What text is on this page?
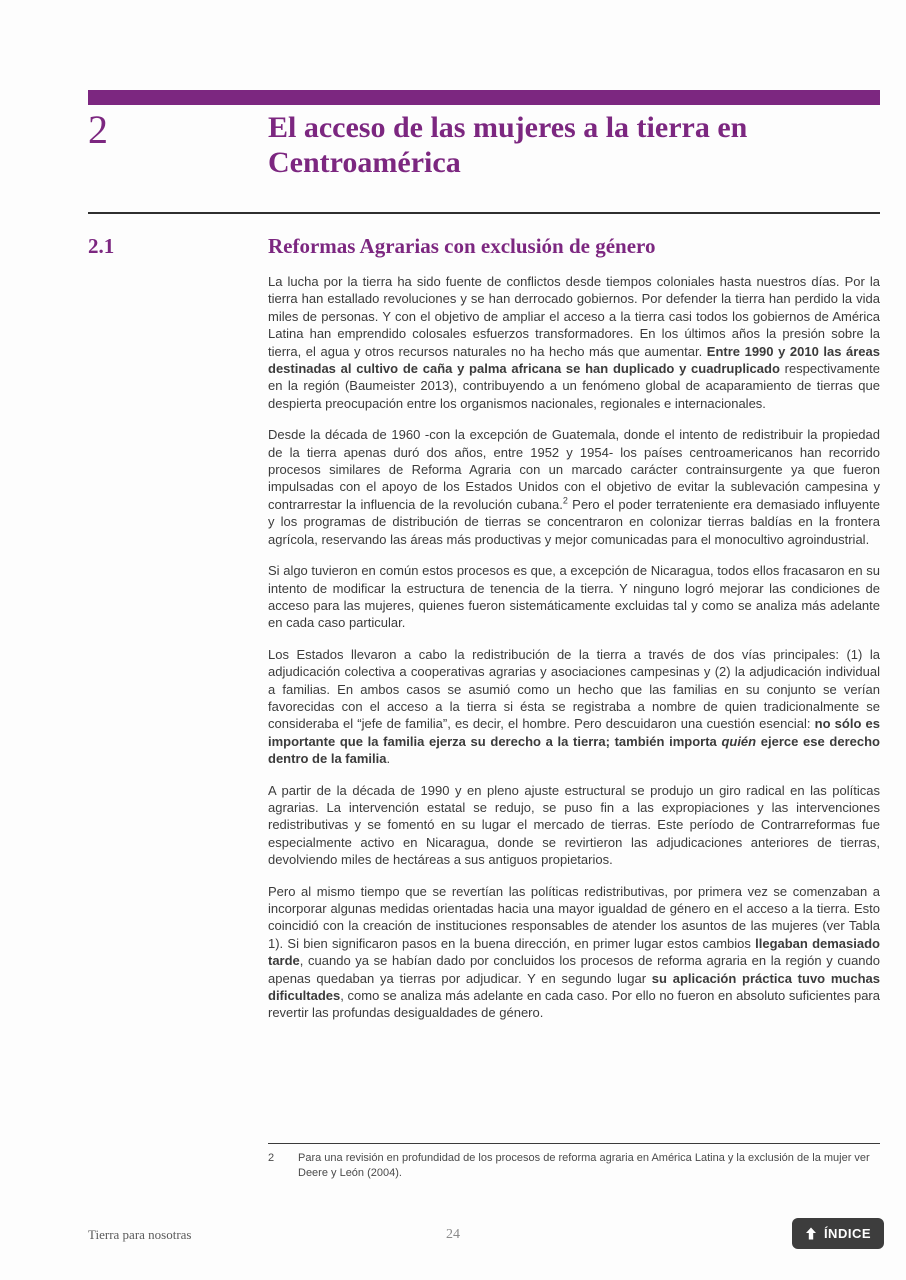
2	El acceso de las mujeres a la tierra en Centroamérica
2.1	Reformas Agrarias con exclusión de género

La lucha por la tierra ha sido fuente de conflictos desde tiempos coloniales hasta nuestros días. Por la tierra han estallado revoluciones y se han derrocado gobiernos. Por defender la tierra han perdido la vida miles de personas. Y con el objetivo de ampliar el acceso a la tierra casi todos los gobiernos de América Latina han emprendido colosales esfuerzos transformadores. En los últimos años la presión sobre la tierra, el agua y otros recursos naturales no ha hecho más que aumentar. Entre 1990 y 2010 las áreas destinadas al cultivo de caña y palma africana se han duplicado y cuadruplicado respectivamente en la región (Baumeister 2013), contribuyendo a un fenómeno global de acaparamiento de tierras que despierta preocupación entre los organismos nacionales, regionales e internacionales.

Desde la década de 1960 -con la excepción de Guatemala, donde el intento de redistribuir la propiedad de la tierra apenas duró dos años, entre 1952 y 1954- los países centroamericanos han recorrido procesos similares de Reforma Agraria con un marcado carácter contrainsurgente ya que fueron impulsadas con el apoyo de los Estados Unidos con el objetivo de evitar la sublevación campesina y contrarrestar la influencia de la revolución cubana.$^2$ Pero el poder terrateniente era demasiado influyente y los programas de distribución de tierras se concentraron en colonizar tierras baldías en la frontera agrícola, reservando las áreas más productivas y mejor comunicadas para el monocultivo agroindustrial.

Si algo tuvieron en común estos procesos es que, a excepción de Nicaragua, todos ellos fracasaron en su intento de modificar la estructura de tenencia de la tierra. Y ninguno logró mejorar las condiciones de acceso para las mujeres, quienes fueron sistemáticamente excluidas tal y como se analiza más adelante en cada caso particular.

Los Estados llevaron a cabo la redistribución de la tierra a través de dos vías principales: (1) la adjudicación colectiva a cooperativas agrarias y asociaciones campesinas y (2) la adjudicación individual a familias. En ambos casos se asumió como un hecho que las familias en su conjunto se verían favorecidas con el acceso a la tierra si ésta se registraba a nombre de quien tradicionalmente se consideraba el “jefe de familia”, es decir, el hombre. Pero descuidaron una cuestión esencial: no sólo es importante que la familia ejerza su derecho a la tierra; también importa quién ejerce ese derecho dentro de la familia.

A partir de la década de 1990 y en pleno ajuste estructural se produjo un giro radical en las políticas agrarias. La intervención estatal se redujo, se puso fin a las expropiaciones y las intervenciones redistributivas y se fomentó en su lugar el mercado de tierras. Este período de Contrarreformas fue especialmente activo en Nicaragua, donde se revirtieron las adjudicaciones anteriores de tierras, devolviendo miles de hectáreas a sus antiguos propietarios.

Pero al mismo tiempo que se revertían las políticas redistributivas, por primera vez se comenzaban a incorporar algunas medidas orientadas hacia una mayor igualdad de género en el acceso a la tierra. Esto coincidió con la creación de instituciones responsables de atender los asuntos de las mujeres (ver Tabla 1). Si bien significaron pasos en la buena dirección, en primer lugar estos cambios llegaban demasiado tarde, cuando ya se habían dado por concluidos los procesos de reforma agraria en la región y cuando apenas quedaban ya tierras por adjudicar. Y en segundo lugar su aplicación práctica tuvo muchas dificultades, como se analiza más adelante en cada caso. Por ello no fueron en absoluto suficientes para revertir las profundas desigualdades de género.

2	Para una revisión en profundidad de los procesos de reforma agraria en América Latina y la exclusión de la mujer ver Deere y León (2004).
Tierra para nosotras	24	ÍNDICE
